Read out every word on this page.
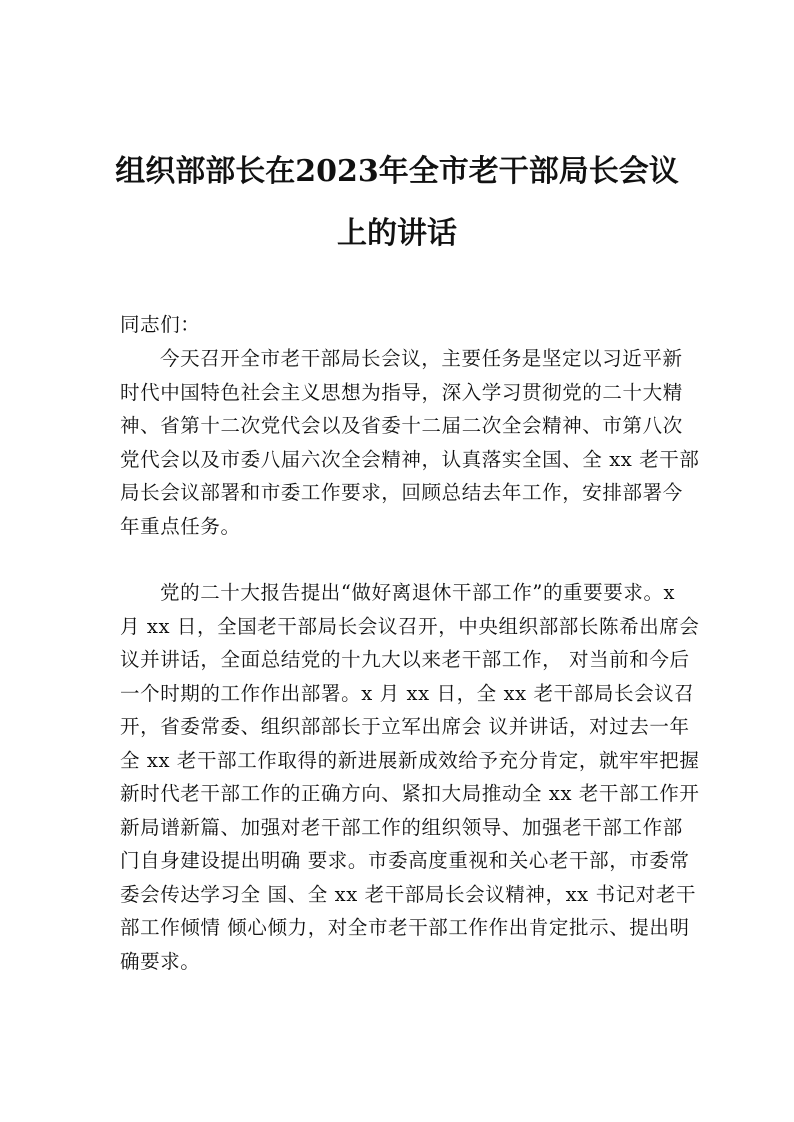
组织部部长在2023年全市老干部局长会议
上的讲话

同志们：

今天召开全市老干部局长会议，主要任务是坚定以习近平新时代中国特色社会主义思想为指导，深入学习贯彻党的二十大精神、省第十二次党代会以及省委十二届二次全会精神、市第八次党代会以及市委八届六次全会精神，认真落实全国、全 xx 老干部局长会议部署和市委工作要求，回顾总结去年工作，安排部署今年重点任务。

党的二十大报告提出“做好离退休干部工作”的重要要求。x 月 xx 日，全国老干部局长会议召开，中央组织部部长陈希出席会议并讲话，全面总结党的十九大以来老干部工作， 对当前和今后一个时期的工作作出部署。x 月 xx 日，全 xx 老干部局长会议召开，省委常委、组织部部长于立军出席会 议并讲话，对过去一年全 xx 老干部工作取得的新进展新成效给予充分肯定，就牢牢把握新时代老干部工作的正确方向、紧扣大局推动全 xx 老干部工作开新局谱新篇、加强对老干部工作的组织领导、加强老干部工作部门自身建设提出明确 要求。市委高度重视和关心老干部，市委常委会传达学习全 国、全 xx 老干部局长会议精神，xx 书记对老干部工作倾情 倾心倾力，对全市老干部工作作出肯定批示、提出明确要求。
